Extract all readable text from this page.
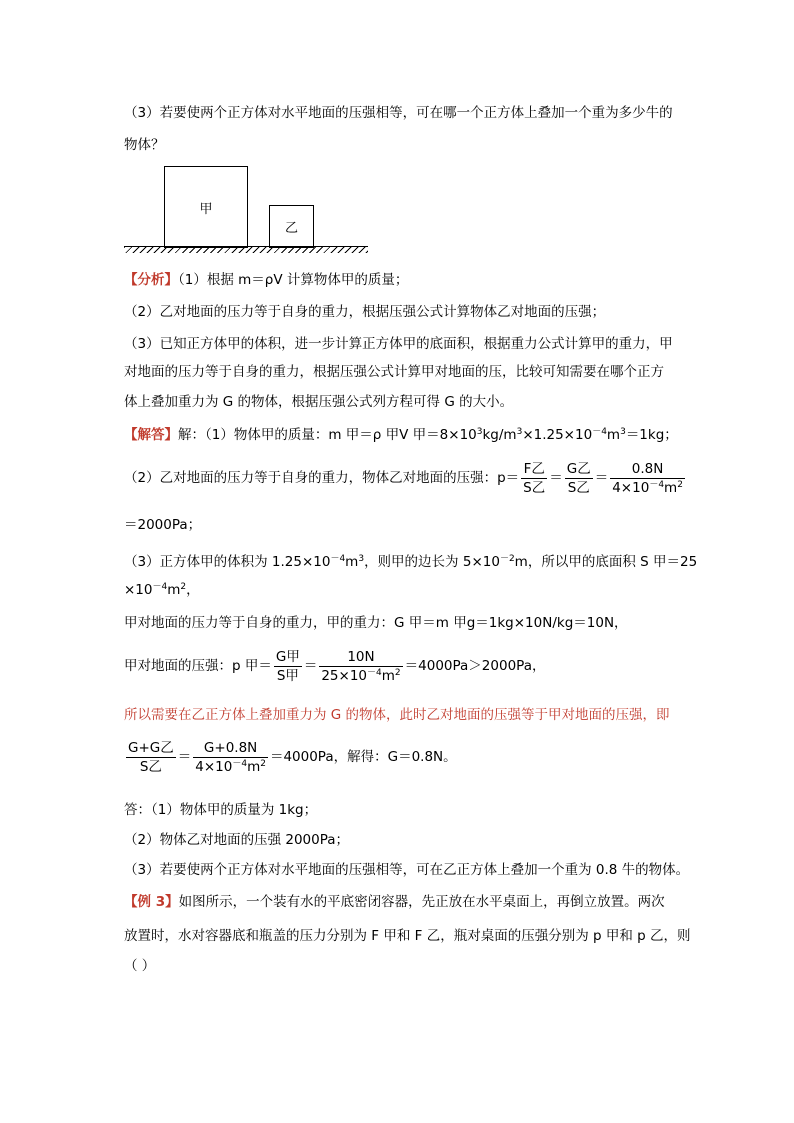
（3）若要使两个正方体对水平地面的压强相等，可在哪一个正方体上叠加一个重为多少牛的
物体？
甲
乙
【分析】（1）根据 m＝ρV 计算物体甲的质量；
（2）乙对地面的压力等于自身的重力，根据压强公式计算物体乙对地面的压强；
（3）已知正方体甲的体积，进一步计算正方体甲的底面积，根据重力公式计算甲的重力，甲
对地面的压力等于自身的重力，根据压强公式计算甲对地面的压，比较可知需要在哪个正方
体上叠加重力为 G 的物体，根据压强公式列方程可得 G 的大小。
【解答】解：（1）物体甲的质量：m 甲＝ρ 甲V 甲$=8\times 10^3kg/m^3\times 1.25\times 10^{-4}m^3=1kg$；
（2）乙对地面的压力等于自身的重力，物体乙对地面的压强：$p= \frac{\text{F乙}}{\text{S乙}} = \frac{\text{G乙}}{\text{S乙}} = \frac{0.8N}{4\times 10^{-4}m^2}$
＝2000Pa；
（3）正方体甲的体积为 $1.25\times 10^{-4}m^3$，则甲的边长为 $5\times 10^{-2}m$，所以甲的底面积 S 甲＝25
$\times 10^{-4}m^2$，
甲对地面的压力等于自身的重力，甲的重力：G 甲＝m 甲g＝1kg×10N/kg＝10N，
甲对地面的压强：p 甲＝ $\frac{\text{G甲}}{\text{S甲}} = \frac{10N}{25\times 10^{-4}m^2} =4000Pa>2000Pa$，
所以需要在乙正方体上叠加重力为 G 的物体，此时乙对地面的压强等于甲对地面的压强，即
$\frac{\text{G+G乙}}{\text{S乙}} = \frac{G+0.8N}{4\times 10^{-4}m^2} =4000Pa$，解得：G＝0.8N。
答：（1）物体甲的质量为 1kg；
（2）物体乙对地面的压强 2000Pa；
（3）若要使两个正方体对水平地面的压强相等，可在乙正方体上叠加一个重为 0.8 牛的物体。
【例 3】如图所示，一个装有水的平底密闭容器，先正放在水平桌面上，再倒立放置。两次
放置时，水对容器底和瓶盖的压力分别为 F 甲和 F 乙，瓶对桌面的压强分别为 p 甲和 p 乙，则
（ ）
